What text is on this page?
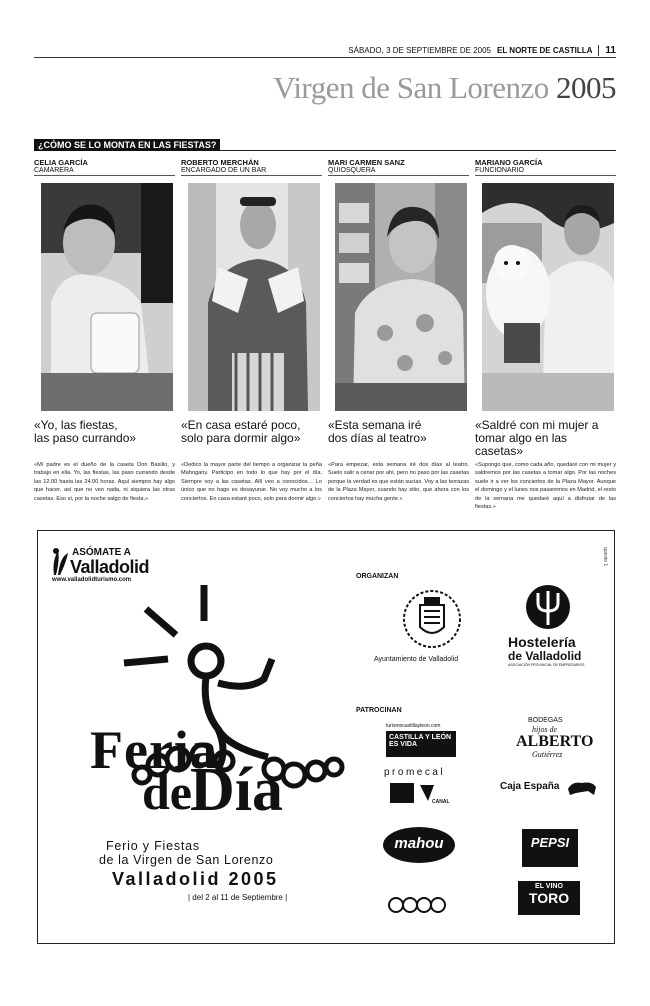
SÁBADO, 3 DE SEPTIEMBRE DE 2005 EL NORTE DE CASTILLA	11
Virgen de San Lorenzo 2005
¿CÓMO SE LO MONTA EN LAS FIESTAS?
CELIA GARCÍA
CAMARERA
«Yo, las fiestas,
las paso currando»
«Mi padre es el dueño de la caseta Don Basilio, y trabajo en ella. Yo, las fiestas, las paso currando desde las 12.00 hasta las 24.00 horas. Aquí siempre hay algo que hacer, así que no veo nada, ni siquiera las otras casetas. Eso sí, por la noche salgo de fiesta.»
ROBERTO MERCHÁN
ENCARGADO DE UN BAR
«En casa estaré poco,
solo para dormir algo»
«Dedico la mayor parte del tiempo a organizar la peña Mahogany. Participo en todo lo que hay por el día. Siempre voy a las casetas. Allí veo a conocidos… Lo único que no hago es desayunar. No voy mucho a los conciertos. En casa estaré poco, solo para dormir algo.»
MARI CARMEN SANZ
QUIOSQUERA
«Esta semana iré
dos días al teatro»
«Para empezar, esta semana iré dos días al teatro. Suelo salir a cenar por ahí, pero no paso por las casetas porque la verdad es que están sucias. Voy a las terrazas de la Plaza Mayor, cuando hay sitio, que ahora con los conciertos hay mucha gente.»
MARIANO GARCÍA
FUNCIONARIO
«Saldré con mi mujer a
tomar algo en las casetas»
«Supongo que, como cada año, quedaré con mi mujer y saldremos por las casetas a tomar algo. Por las noches suele ir a ver los conciertos de la Plaza Mayor. Aunque el domingo y el lunes nos pasaremos en Madrid, el resto de la semana me quedaré aquí a disfrutar de las fiestas.»
questo 1
ASÓMATE A
Valladolid
www.valladolidturismo.com
Feria
de
Día
Ferio y Fiestas
de la Virgen de San Lorenzo
Valladolid 2005
| del 2 al 11 de Septiembre |
ORGANIZAN
Ayuntamiento de Valladolid
Hostelería
de Valladolid
ASOCIACIÓN PROVINCIAL DE EMPRESARIOS
PATROCINAN
turismocastillayleon.com
CASTILLA Y LEÓN
ES VIDA
BODEGAS
hijos de
ALBERTO
Gutiérrez
promecal
CANAL
Caja España
mahou	PEPSI
EL VINO
TORO
